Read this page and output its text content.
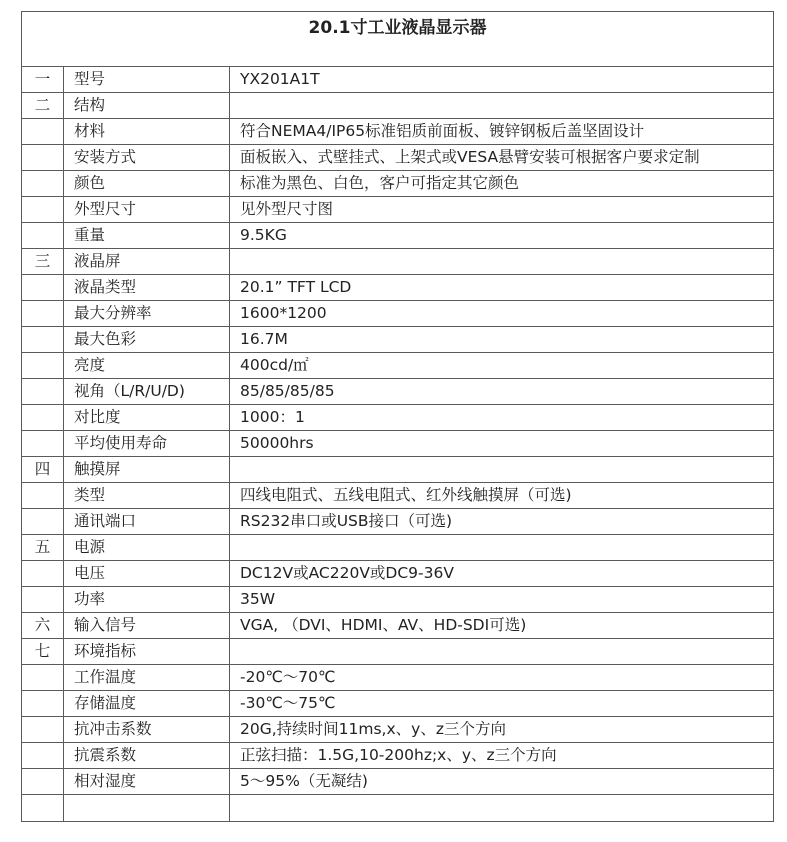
20.1寸工业液晶显示器		
一	型号	YX201A1T
二	结构	
	材料	符合NEMA4/IP65标准铝质前面板、镀锌钢板后盖坚固设计
	安装方式	面板嵌入、式壁挂式、上架式或VESA悬臂安装可根据客户要求定制
	颜色	标准为黑色、白色，客户可指定其它颜色
	外型尺寸	见外型尺寸图
	重量	9.5KG
三	液晶屏	
	液晶类型	20.1” TFT LCD
	最大分辨率	1600*1200
	最大色彩	16.7M
	亮度	400cd/㎡
	视角（L/R/U/D)	85/85/85/85
	对比度	1000：1
	平均使用寿命	50000hrs
四	触摸屏	
	类型	四线电阻式、五线电阻式、红外线触摸屏（可选)
	通讯端口	RS232串口或USB接口（可选)
五	电源	
	电压	DC12V或AC220V或DC9-36V
	功率	35W
六	输入信号	VGA, （DVI、HDMI、AV、HD-SDI可选)
七	环境指标	
	工作温度	-20℃～70℃
	存储温度	-30℃～75℃
	抗冲击系数	20G,持续时间11ms,x、y、z三个方向
	抗震系数	正弦扫描：1.5G,10-200hz;x、y、z三个方向
	相对湿度	5～95%（无凝结)
